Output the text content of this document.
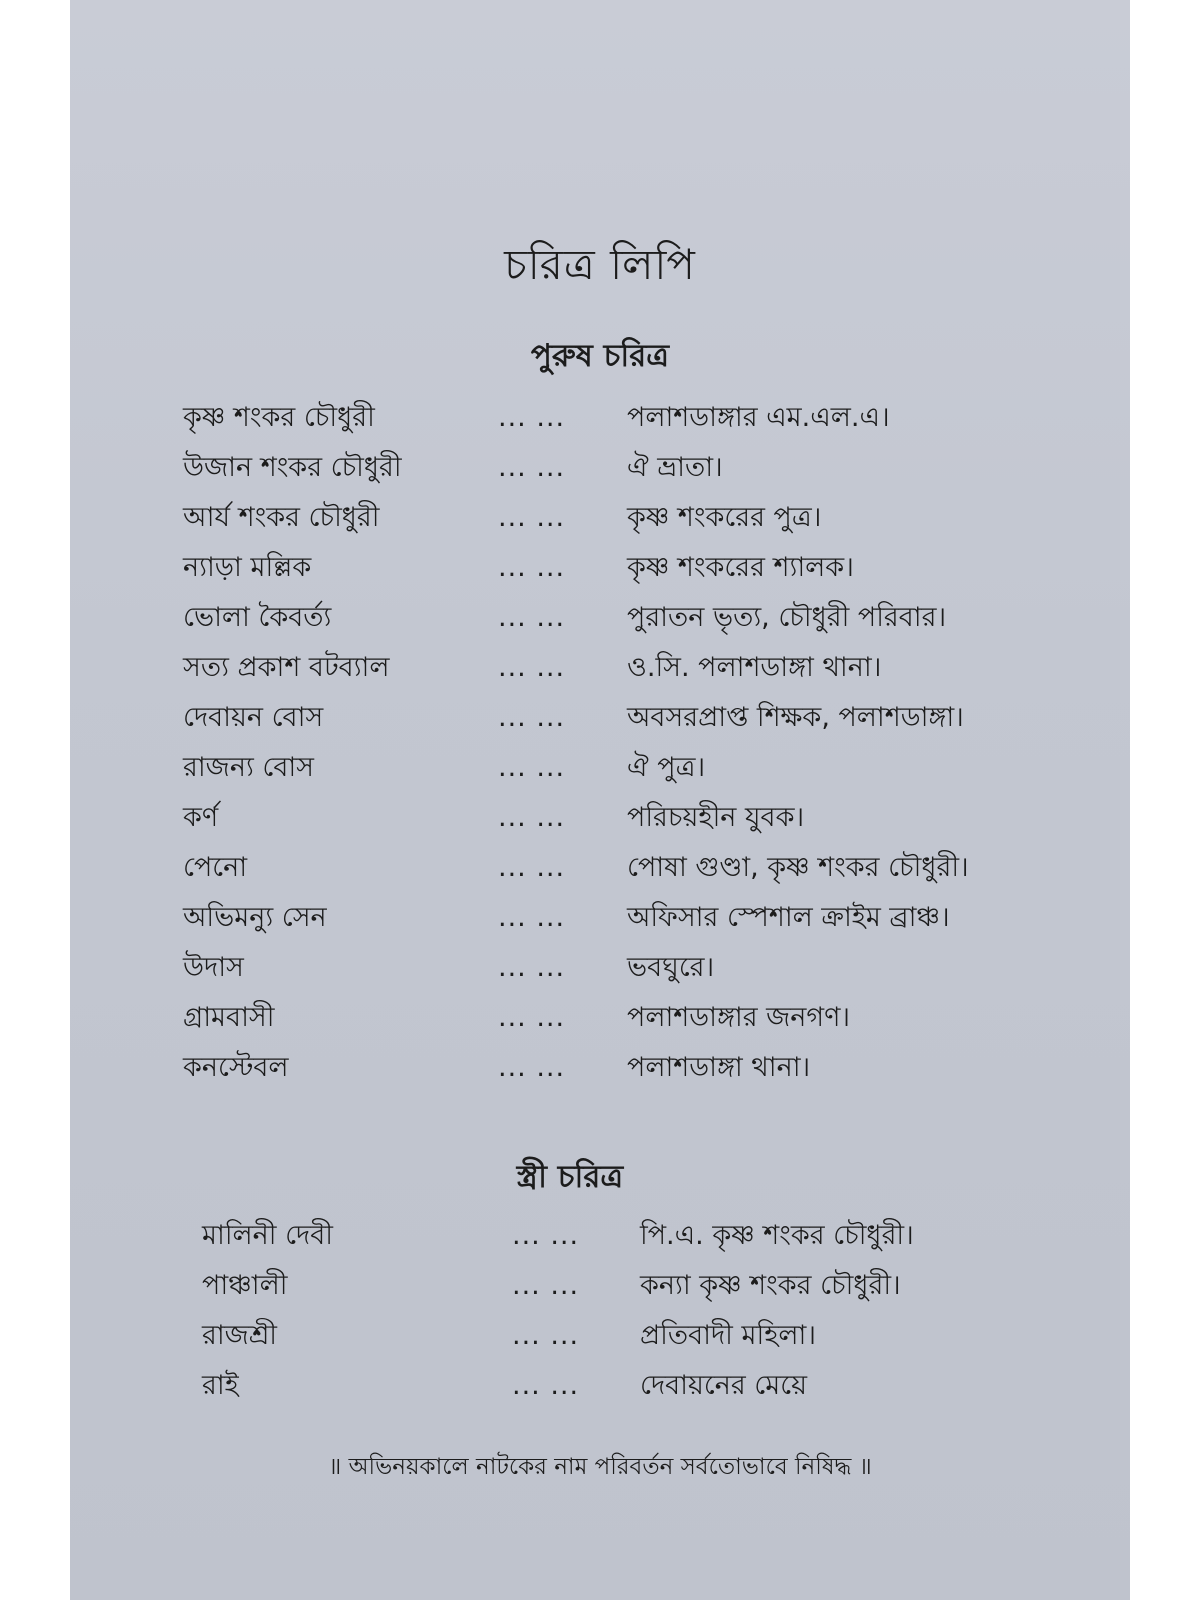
চরিত্র লিপি
পুরুষ চরিত্র
কৃষ্ণ শংকর চৌধুরী	... ... পলাশডাঙ্গার এম.এল.এ।
উজান শংকর চৌধুরী	... ... ঐ ভ্রাতা।
আর্য শংকর চৌধুরী	... ... কৃষ্ণ শংকরের পুত্র।
ন্যাড়া মল্লিক	... ... কৃষ্ণ শংকরের শ্যালক।
ভোলা কৈবর্ত্য	... ... পুরাতন ভৃত্য, চৌধুরী পরিবার।
সত্য প্রকাশ বটব্যাল	... ... ও.সি. পলাশডাঙ্গা থানা।
দেবায়ন বোস	... ... অবসরপ্রাপ্ত শিক্ষক, পলাশডাঙ্গা।
রাজন্য বোস	... ... ঐ পুত্র।
কর্ণ	... ... পরিচয়হীন যুবক।
পেনো	... ... পোষা গুণ্ডা, কৃষ্ণ শংকর চৌধুরী।
অভিমন্যু সেন	... ... অফিসার স্পেশাল ক্রাইম ব্রাঞ্চ।
উদাস	... ... ভবঘুরে।
গ্রামবাসী	... ... পলাশডাঙ্গার জনগণ।
কনস্টেবল	... ... পলাশডাঙ্গা থানা।
স্ত্রী চরিত্র
মালিনী দেবী	... ... পি.এ. কৃষ্ণ শংকর চৌধুরী।
পাঞ্চালী	... ... কন্যা কৃষ্ণ শংকর চৌধুরী।
রাজশ্রী	... ... প্রতিবাদী মহিলা।
রাই	... ... দেবায়নের মেয়ে
॥ অভিনয়কালে নাটকের নাম পরিবর্তন সর্বতোভাবে নিষিদ্ধ ॥
